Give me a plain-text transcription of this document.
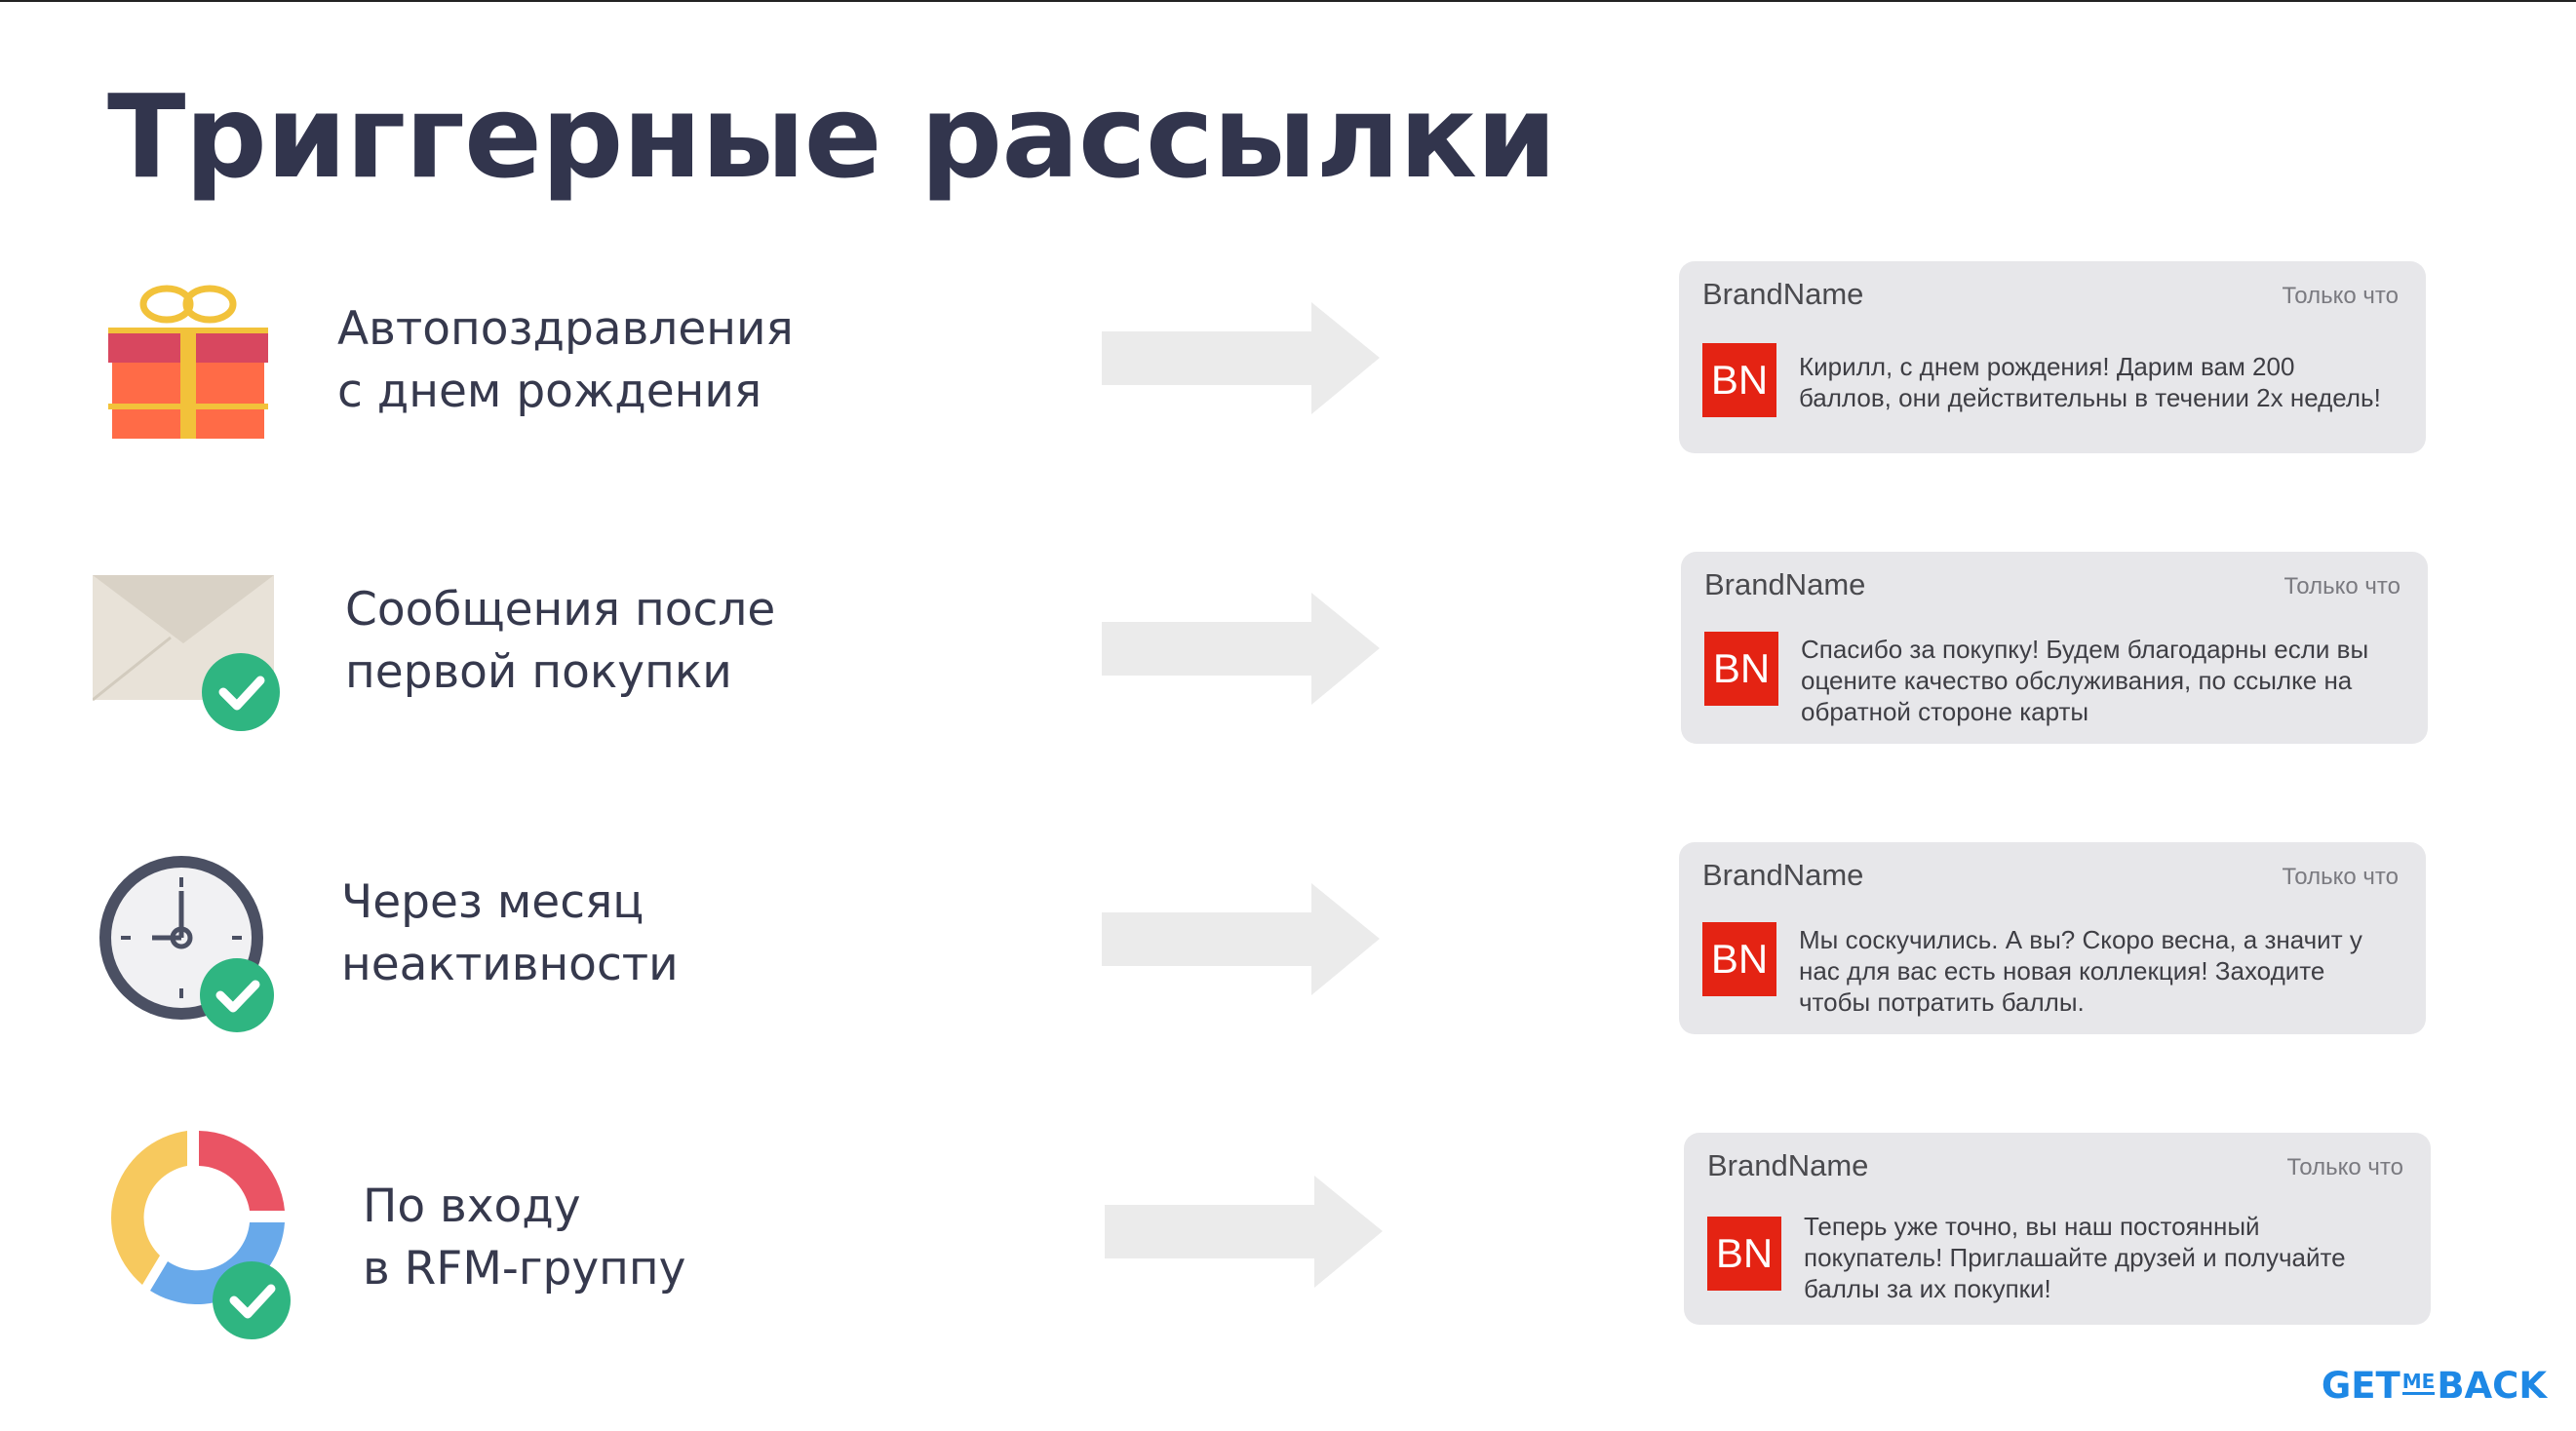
Триггерные рассылки
Автопоздравления
с днем рождения
BrandName	Только что
BN	Кирилл, с днем рождения! Дарим вам 200 баллов, они действительны в течении 2х недель!
Сообщения после
первой покупки
BrandName	Только что
BN	Спасибо за покупку! Будем благодарны если вы оцените качество обслуживания, по ссылке на обратной стороне карты
Через месяц
неактивности
BrandName	Только что
BN	Мы соскучились. А вы? Скоро весна, а значит у нас для вас есть новая коллекция! Заходите чтобы потратить баллы.
По входу
в RFM-группу
BrandName	Только что
BN
Теперь уже точно, вы наш постоянный покупатель! Приглашайте друзей и получайте баллы за их покупки!
GET ME BACK
